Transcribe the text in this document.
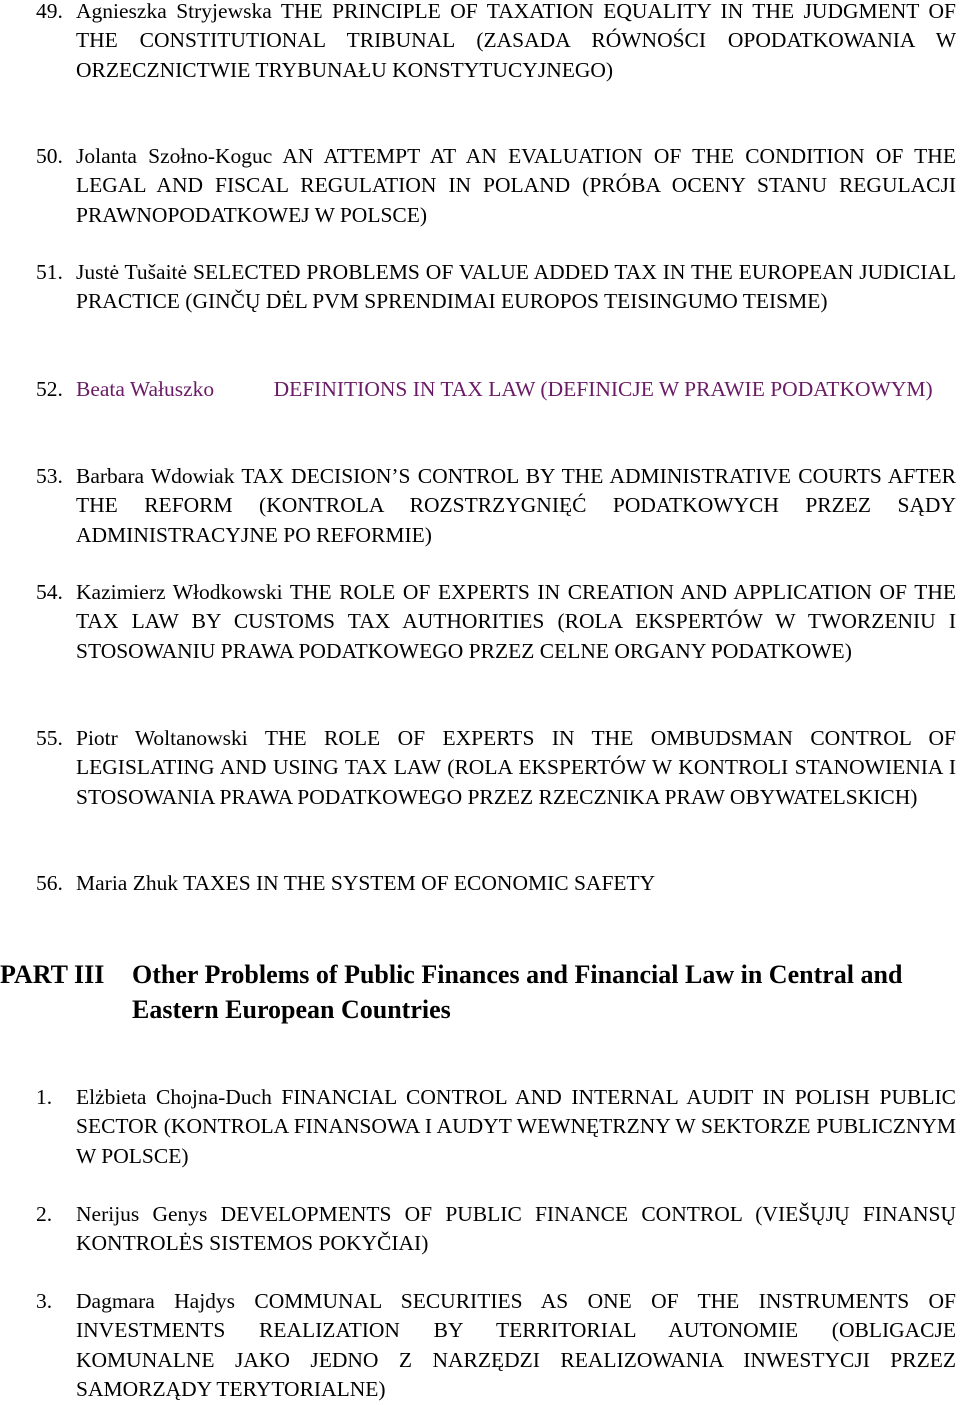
49. Agnieszka Stryjewska THE PRINCIPLE OF TAXATION EQUALITY IN THE JUDGMENT OF THE CONSTITUTIONAL TRIBUNAL (ZASADA RÓWNOŚCI OPODATKOWANIA W ORZECZNICTWIE TRYBUNAŁU KONSTYTUCYJNEGO)
50. Jolanta Szołno-Koguc AN ATTEMPT AT AN EVALUATION OF THE CONDITION OF THE LEGAL AND FISCAL REGULATION IN POLAND (PRÓBA OCENY STANU REGULACJI PRAWNOPODATKOWEJ W POLSCE)
51. Justė Tušaitė SELECTED PROBLEMS OF VALUE ADDED TAX IN THE EUROPEAN JUDICIAL PRACTICE (GINČŲ DĖL PVM SPRENDIMAI EUROPOS TEISINGUMO TEISME)
52. Beata Wałuszko	DEFINITIONS IN TAX LAW (DEFINICJE W PRAWIE PODATKOWYM)
53. Barbara Wdowiak TAX DECISION’S CONTROL BY THE ADMINISTRATIVE COURTS AFTER THE REFORM (KONTROLA ROZSTRZYGNIĘĆ PODATKOWYCH PRZEZ SĄDY ADMINISTRACYJNE PO REFORMIE)
54. Kazimierz Włodkowski THE ROLE OF EXPERTS IN CREATION AND APPLICATION OF THE TAX LAW BY CUSTOMS TAX AUTHORITIES (ROLA EKSPERTÓW W TWORZENIU I STOSOWANIU PRAWA PODATKOWEGO PRZEZ CELNE ORGANY PODATKOWE)
55. Piotr Woltanowski THE ROLE OF EXPERTS IN THE OMBUDSMAN CONTROL OF LEGISLATING AND USING TAX LAW (ROLA EKSPERTÓW W KONTROLI STANOWIENIA I STOSOWANIA PRAWA PODATKOWEGO PRZEZ RZECZNIKA PRAW OBYWATELSKICH)
56. Maria Zhuk TAXES IN THE SYSTEM OF ECONOMIC SAFETY
PART III	Other Problems of Public Finances and Financial Law in Central and Eastern European Countries
1.	Elżbieta Chojna-Duch FINANCIAL CONTROL AND INTERNAL AUDIT IN POLISH PUBLIC SECTOR (KONTROLA FINANSOWA I AUDYT WEWNĘTRZNY W SEKTORZE PUBLICZNYM W POLSCE)
2.	Nerijus Genys DEVELOPMENTS OF PUBLIC FINANCE CONTROL (VIEŠŲJŲ FINANSŲ KONTROLĖS SISTEMOS POKYČIAI)
3.	Dagmara Hajdys COMMUNAL SECURITIES AS ONE OF THE INSTRUMENTS OF INVESTMENTS REALIZATION BY TERRITORIAL AUTONOMIE (OBLIGACJE KOMUNALNE JAKO JEDNO Z NARZĘDZI REALIZOWANIA INWESTYCJI PRZEZ SAMORZĄDY TERYTORIALNE)
